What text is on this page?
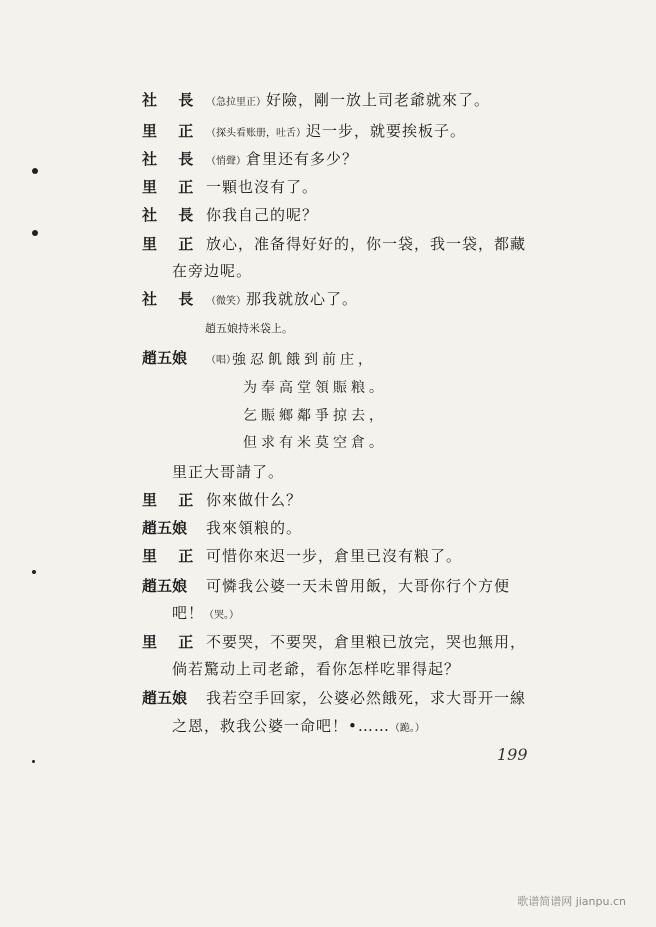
社 長 （急拉里正）好險，剛一放上司老爺就來了。
里 正 （探头看账册，吐舌）迟一步，就要挨板子。
社 長 （悄聲）倉里还有多少？
里 正 一顆也沒有了。
社 長 你我自己的呢？
里 正 放心，准备得好好的，你一袋，我一袋，都藏
在旁边呢。
社 長 （微笑）那我就放心了。
趙五娘持米袋上。
趙五娘 （唱）
強忍飢餓到前庄，
为奉高堂領賑粮。
乞賑鄉鄰爭掠去，
但求有米莫空倉。
里正大哥請了。
里 正 你來做什么？
趙五娘 我來領粮的。
里 正 可惜你來迟一步，倉里已沒有粮了。
趙五娘 可憐我公婆一天未曾用飯，大哥你行个方便
吧！（哭。）
里 正 不要哭，不要哭，倉里粮已放完，哭也無用，
倘若驚动上司老爺，看你怎样吃罪得起？
趙五娘 我若空手回家，公婆必然餓死，求大哥开一線
之恩，救我公婆一命吧！•……（跪。）
199
歌谱简谱网 jianpu.cn
